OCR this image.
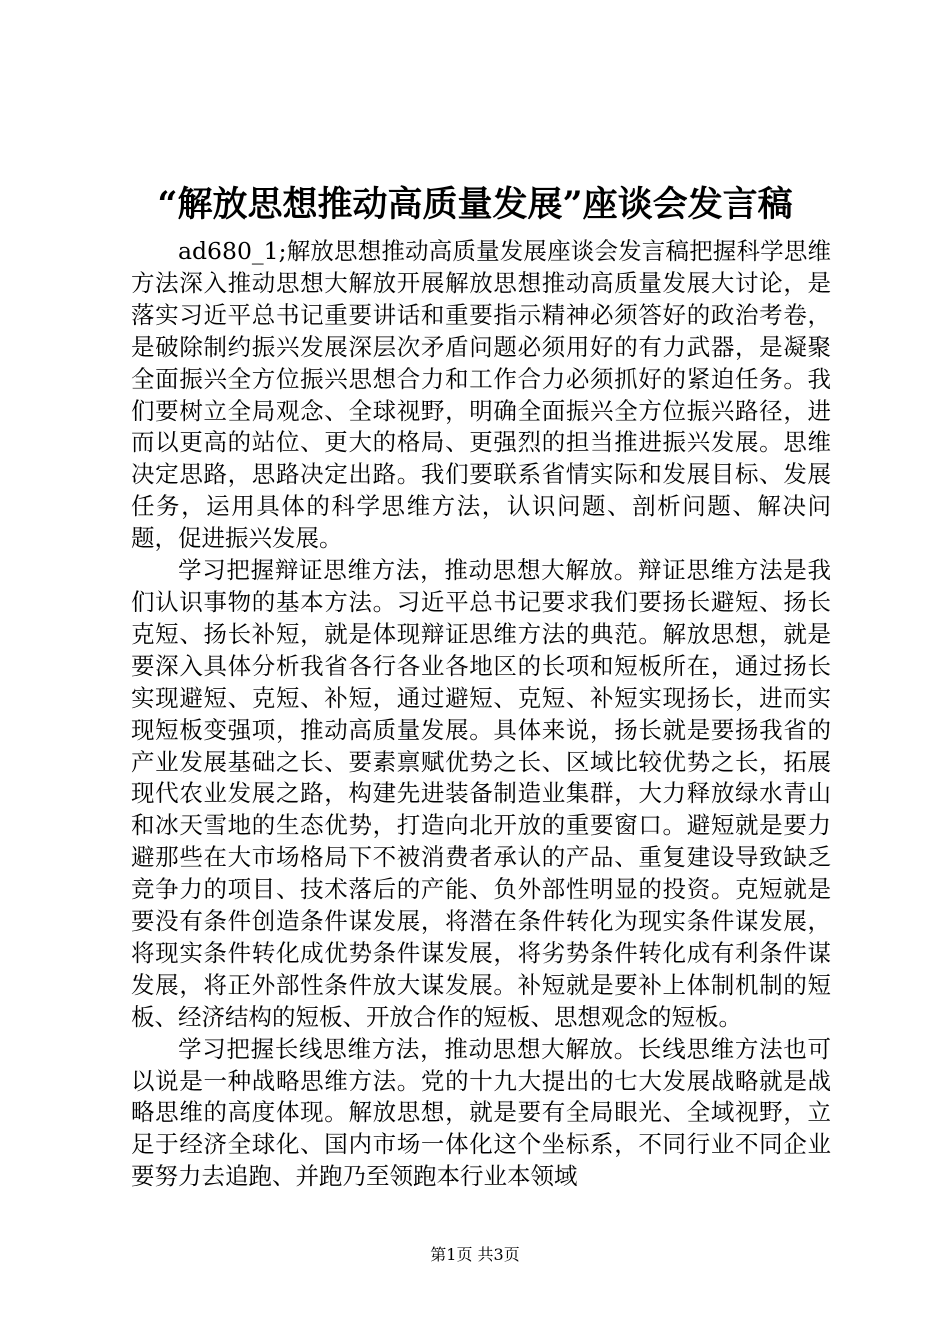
“解放思想推动高质量发展”座谈会发言稿

ad680_1;解放思想推动高质量发展座谈会发言稿把握科学思维方法深入推动思想大解放开展解放思想推动高质量发展大讨论，是落实习近平总书记重要讲话和重要指示精神必须答好的政治考卷，是破除制约振兴发展深层次矛盾问题必须用好的有力武器，是凝聚全面振兴全方位振兴思想合力和工作合力必须抓好的紧迫任务。我们要树立全局观念、全球视野，明确全面振兴全方位振兴路径，进而以更高的站位、更大的格局、更强烈的担当推进振兴发展。思维决定思路，思路决定出路。我们要联系省情实际和发展目标、发展任务，运用具体的科学思维方法，认识问题、剖析问题、解决问题，促进振兴发展。

学习把握辩证思维方法，推动思想大解放。辩证思维方法是我们认识事物的基本方法。习近平总书记要求我们要扬长避短、扬长克短、扬长补短，就是体现辩证思维方法的典范。解放思想，就是要深入具体分析我省各行各业各地区的长项和短板所在，通过扬长实现避短、克短、补短，通过避短、克短、补短实现扬长，进而实现短板变强项，推动高质量发展。具体来说，扬长就是要扬我省的产业发展基础之长、要素禀赋优势之长、区域比较优势之长，拓展现代农业发展之路，构建先进装备制造业集群，大力释放绿水青山和冰天雪地的生态优势，打造向北开放的重要窗口。避短就是要力避那些在大市场格局下不被消费者承认的产品、重复建设导致缺乏竞争力的项目、技术落后的产能、负外部性明显的投资。克短就是要没有条件创造条件谋发展，将潜在条件转化为现实条件谋发展，将现实条件转化成优势条件谋发展，将劣势条件转化成有利条件谋发展，将正外部性条件放大谋发展。补短就是要补上体制机制的短板、经济结构的短板、开放合作的短板、思想观念的短板。

学习把握长线思维方法，推动思想大解放。长线思维方法也可以说是一种战略思维方法。党的十九大提出的七大发展战略就是战略思维的高度体现。解放思想，就是要有全局眼光、全域视野，立足于经济全球化、国内市场一体化这个坐标系，不同行业不同企业要努力去追跑、并跑乃至领跑本行业本领域

第1页 共3页
